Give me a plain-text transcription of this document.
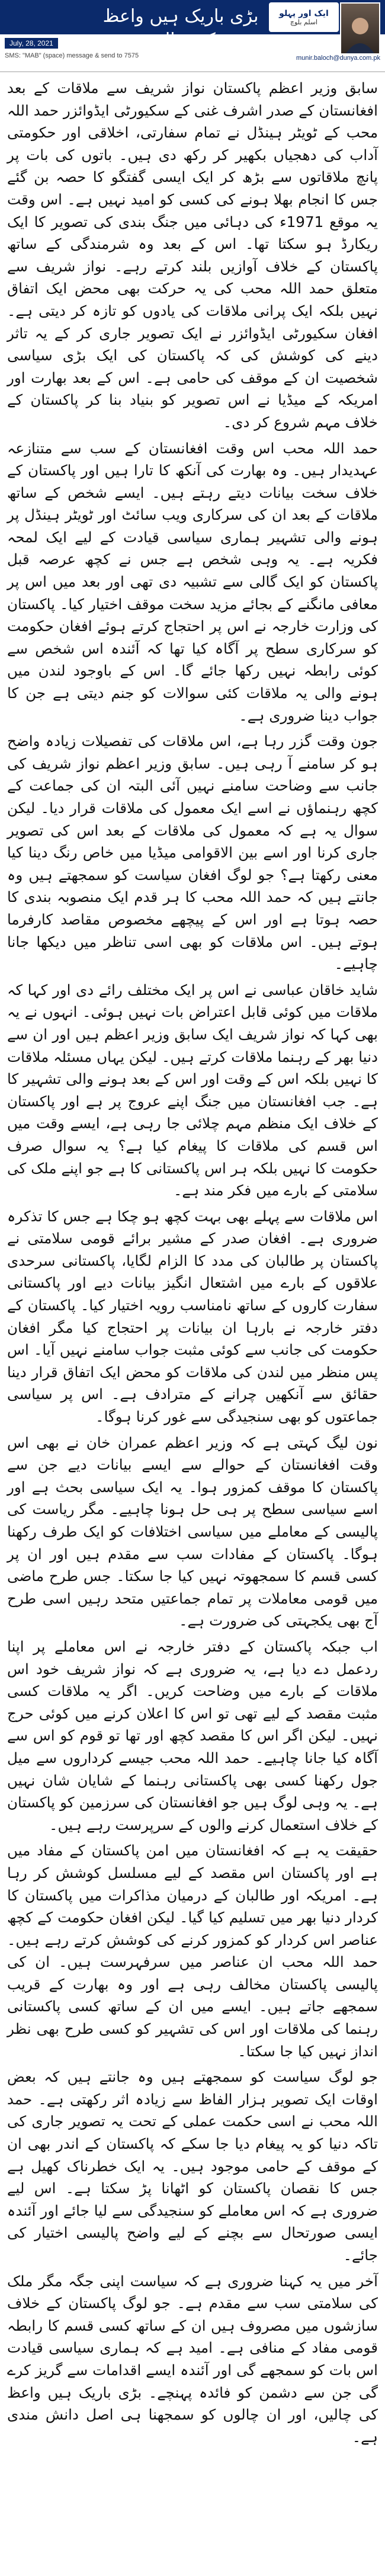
ایک اور پہلو
اسلم بلوچ
بڑی باریک ہیں واعظ کی چالیں
July, 28, 2021
SMS: "MAB" (space) message & send to 7575	munir.baloch@dunya.com.pk

سابق وزیر اعظم پاکستان نواز شریف سے ملاقات کے بعد افغانستان کے صدر اشرف غنی کے سکیورٹی ایڈوائزر حمد اللہ محب کے ٹویٹر ہینڈل نے تمام سفارتی، اخلاقی اور حکومتی آداب کی دھجیاں بکھیر کر رکھ دی ہیں۔ باتوں کی بات پر پانچ ملاقاتوں سے بڑھ کر ایک ایسی گفتگو کا حصہ بن گئے جس کا انجام بھلا ہونے کی کسی کو امید نہیں ہے۔ اس وقت یہ موقع 1971ء کی دہائی میں جنگ بندی کی تصویر کا ایک ریکارڈ ہو سکتا تھا۔ اس کے بعد وہ شرمندگی کے ساتھ پاکستان کے خلاف آوازیں بلند کرتے رہے۔ نواز شریف سے متعلق حمد اللہ محب کی یہ حرکت بھی محض ایک اتفاق نہیں بلکہ ایک پرانی ملاقات کی یادوں کو تازہ کر دیتی ہے۔ افغان سکیورٹی ایڈوائزر نے ایک تصویر جاری کر کے یہ تاثر دینے کی کوشش کی کہ پاکستان کی ایک بڑی سیاسی شخصیت ان کے موقف کی حامی ہے۔ اس کے بعد بھارت اور امریکہ کے میڈیا نے اس تصویر کو بنیاد بنا کر پاکستان کے خلاف مہم شروع کر دی۔

حمد اللہ محب اس وقت افغانستان کے سب سے متنازعہ عہدیدار ہیں۔ وہ بھارت کی آنکھ کا تارا ہیں اور پاکستان کے خلاف سخت بیانات دیتے رہتے ہیں۔ ایسے شخص کے ساتھ ملاقات کے بعد ان کی سرکاری ویب سائٹ اور ٹویٹر ہینڈل پر ہونے والی تشہیر ہماری سیاسی قیادت کے لیے ایک لمحہ فکریہ ہے۔ یہ وہی شخص ہے جس نے کچھ عرصہ قبل پاکستان کو ایک گالی سے تشبیہ دی تھی اور بعد میں اس پر معافی مانگنے کے بجائے مزید سخت موقف اختیار کیا۔ پاکستان کی وزارت خارجہ نے اس پر احتجاج کرتے ہوئے افغان حکومت کو سرکاری سطح پر آگاہ کیا تھا کہ آئندہ اس شخص سے کوئی رابطہ نہیں رکھا جائے گا۔ اس کے باوجود لندن میں ہونے والی یہ ملاقات کئی سوالات کو جنم دیتی ہے جن کا جواب دینا ضروری ہے۔

جون وقت گزر رہا ہے، اس ملاقات کی تفصیلات زیادہ واضح ہو کر سامنے آ رہی ہیں۔ سابق وزیر اعظم نواز شریف کی جانب سے وضاحت سامنے نہیں آئی البتہ ان کی جماعت کے کچھ رہنماؤں نے اسے ایک معمول کی ملاقات قرار دیا۔ لیکن سوال یہ ہے کہ معمول کی ملاقات کے بعد اس کی تصویر جاری کرنا اور اسے بین الاقوامی میڈیا میں خاص رنگ دینا کیا معنی رکھتا ہے؟ جو لوگ افغان سیاست کو سمجھتے ہیں وہ جانتے ہیں کہ حمد اللہ محب کا ہر قدم ایک منصوبہ بندی کا حصہ ہوتا ہے اور اس کے پیچھے مخصوص مقاصد کارفرما ہوتے ہیں۔ اس ملاقات کو بھی اسی تناظر میں دیکھا جانا چاہیے۔

شاید خاقان عباسی نے اس پر ایک مختلف رائے دی اور کہا کہ ملاقات میں کوئی قابل اعتراض بات نہیں ہوئی۔ انہوں نے یہ بھی کہا کہ نواز شریف ایک سابق وزیر اعظم ہیں اور ان سے دنیا بھر کے رہنما ملاقات کرتے ہیں۔ لیکن یہاں مسئلہ ملاقات کا نہیں بلکہ اس کے وقت اور اس کے بعد ہونے والی تشہیر کا ہے۔ جب افغانستان میں جنگ اپنے عروج پر ہے اور پاکستان کے خلاف ایک منظم مہم چلائی جا رہی ہے، ایسے وقت میں اس قسم کی ملاقات کا پیغام کیا ہے؟ یہ سوال صرف حکومت کا نہیں بلکہ ہر اس پاکستانی کا ہے جو اپنے ملک کی سلامتی کے بارے میں فکر مند ہے۔

اس ملاقات سے پہلے بھی بہت کچھ ہو چکا ہے جس کا تذکرہ ضروری ہے۔ افغان صدر کے مشیر برائے قومی سلامتی نے پاکستان پر طالبان کی مدد کا الزام لگایا، پاکستانی سرحدی علاقوں کے بارے میں اشتعال انگیز بیانات دیے اور پاکستانی سفارت کاروں کے ساتھ نامناسب رویہ اختیار کیا۔ پاکستان کے دفتر خارجہ نے بارہا ان بیانات پر احتجاج کیا مگر افغان حکومت کی جانب سے کوئی مثبت جواب سامنے نہیں آیا۔ اس پس منظر میں لندن کی ملاقات کو محض ایک اتفاق قرار دینا حقائق سے آنکھیں چرانے کے مترادف ہے۔ اس پر سیاسی جماعتوں کو بھی سنجیدگی سے غور کرنا ہوگا۔

نون لیگ کہتی ہے کہ وزیر اعظم عمران خان نے بھی اس وقت افغانستان کے حوالے سے ایسے بیانات دیے جن سے پاکستان کا موقف کمزور ہوا۔ یہ ایک سیاسی بحث ہے اور اسے سیاسی سطح پر ہی حل ہونا چاہیے۔ مگر ریاست کی پالیسی کے معاملے میں سیاسی اختلافات کو ایک طرف رکھنا ہوگا۔ پاکستان کے مفادات سب سے مقدم ہیں اور ان پر کسی قسم کا سمجھوتہ نہیں کیا جا سکتا۔ جس طرح ماضی میں قومی معاملات پر تمام جماعتیں متحد رہیں اسی طرح آج بھی یکجہتی کی ضرورت ہے۔

اب جبکہ پاکستان کے دفتر خارجہ نے اس معاملے پر اپنا ردعمل دے دیا ہے، یہ ضروری ہے کہ نواز شریف خود اس ملاقات کے بارے میں وضاحت کریں۔ اگر یہ ملاقات کسی مثبت مقصد کے لیے تھی تو اس کا اعلان کرنے میں کوئی حرج نہیں۔ لیکن اگر اس کا مقصد کچھ اور تھا تو قوم کو اس سے آگاہ کیا جانا چاہیے۔ حمد اللہ محب جیسے کرداروں سے میل جول رکھنا کسی بھی پاکستانی رہنما کے شایان شان نہیں ہے۔ یہ وہی لوگ ہیں جو افغانستان کی سرزمین کو پاکستان کے خلاف استعمال کرنے والوں کے سرپرست رہے ہیں۔

حقیقت یہ ہے کہ افغانستان میں امن پاکستان کے مفاد میں ہے اور پاکستان اس مقصد کے لیے مسلسل کوشش کر رہا ہے۔ امریکہ اور طالبان کے درمیان مذاکرات میں پاکستان کا کردار دنیا بھر میں تسلیم کیا گیا۔ لیکن افغان حکومت کے کچھ عناصر اس کردار کو کمزور کرنے کی کوشش کرتے رہے ہیں۔ حمد اللہ محب ان عناصر میں سرفہرست ہیں۔ ان کی پالیسی پاکستان مخالف رہی ہے اور وہ بھارت کے قریب سمجھے جاتے ہیں۔ ایسے میں ان کے ساتھ کسی پاکستانی رہنما کی ملاقات اور اس کی تشہیر کو کسی طرح بھی نظر انداز نہیں کیا جا سکتا۔

جو لوگ سیاست کو سمجھتے ہیں وہ جانتے ہیں کہ بعض اوقات ایک تصویر ہزار الفاظ سے زیادہ اثر رکھتی ہے۔ حمد اللہ محب نے اسی حکمت عملی کے تحت یہ تصویر جاری کی تاکہ دنیا کو یہ پیغام دیا جا سکے کہ پاکستان کے اندر بھی ان کے موقف کے حامی موجود ہیں۔ یہ ایک خطرناک کھیل ہے جس کا نقصان پاکستان کو اٹھانا پڑ سکتا ہے۔ اس لیے ضروری ہے کہ اس معاملے کو سنجیدگی سے لیا جائے اور آئندہ ایسی صورتحال سے بچنے کے لیے واضح پالیسی اختیار کی جائے۔

آخر میں یہ کہنا ضروری ہے کہ سیاست اپنی جگہ مگر ملک کی سلامتی سب سے مقدم ہے۔ جو لوگ پاکستان کے خلاف سازشوں میں مصروف ہیں ان کے ساتھ کسی قسم کا رابطہ قومی مفاد کے منافی ہے۔ امید ہے کہ ہماری سیاسی قیادت اس بات کو سمجھے گی اور آئندہ ایسے اقدامات سے گریز کرے گی جن سے دشمن کو فائدہ پہنچے۔ بڑی باریک ہیں واعظ کی چالیں، اور ان چالوں کو سمجھنا ہی اصل دانش مندی ہے۔
